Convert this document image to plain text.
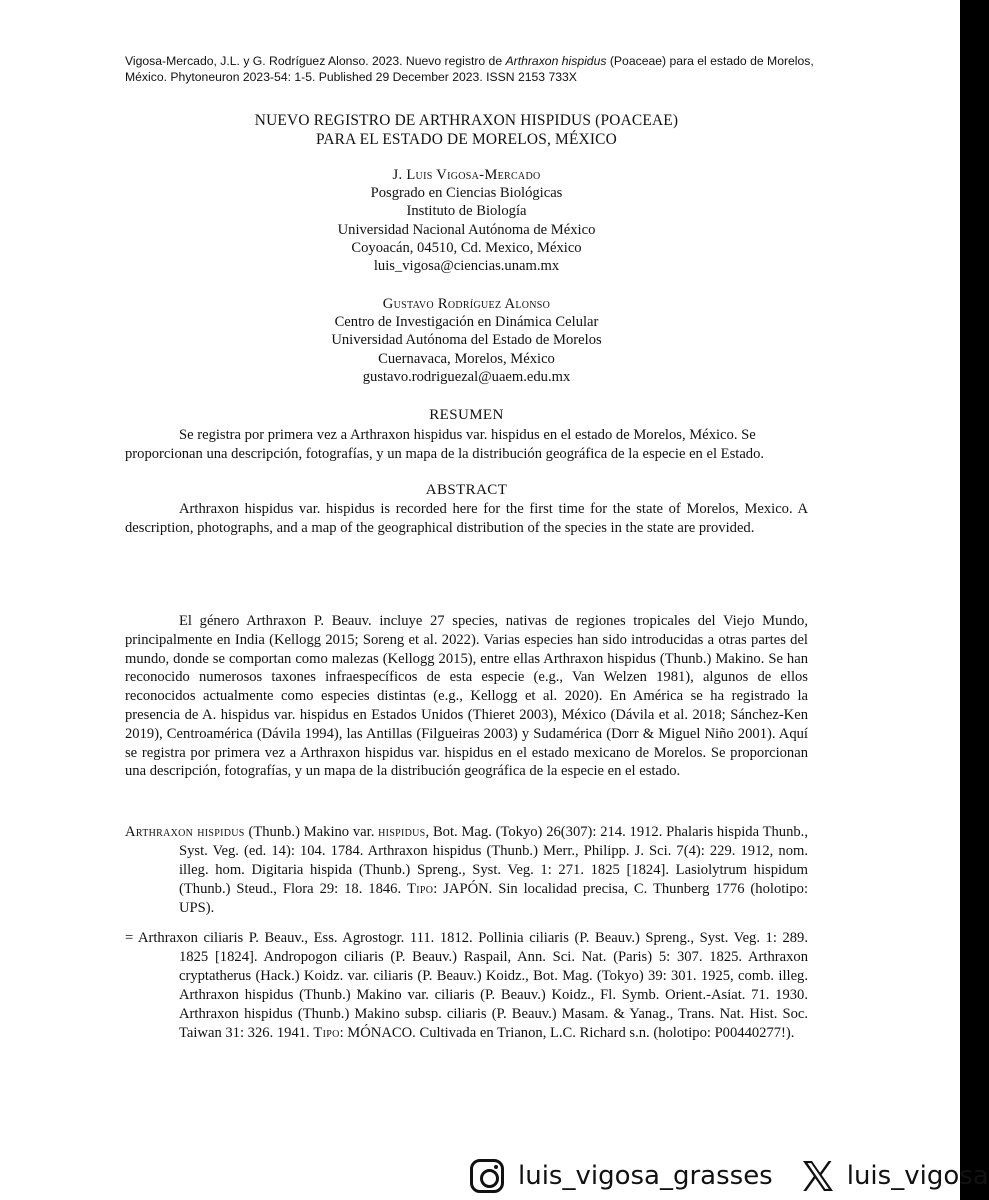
Vigosa-Mercado, J.L. y G. Rodríguez Alonso. 2023. Nuevo registro de Arthraxon hispidus (Poaceae) para el estado de Morelos, México. Phytoneuron 2023-54: 1-5. Published 29 December 2023. ISSN 2153 733X
NUEVO REGISTRO DE ARTHRAXON HISPIDUS (POACEAE)
PARA EL ESTADO DE MORELOS, MÉXICO
J. Luis Vigosa-Mercado
Posgrado en Ciencias Biológicas
Instituto de Biología
Universidad Nacional Autónoma de México
Coyoacán, 04510, Cd. Mexico, México
luis_vigosa@ciencias.unam.mx
Gustavo Rodríguez Alonso
Centro de Investigación en Dinámica Celular
Universidad Autónoma del Estado de Morelos
Cuernavaca, Morelos, México
gustavo.rodriguezal@uaem.edu.mx
RESUMEN
Se registra por primera vez a Arthraxon hispidus var. hispidus en el estado de Morelos, México. Se proporcionan una descripción, fotografías, y un mapa de la distribución geográfica de la especie en el Estado.
ABSTRACT
Arthraxon hispidus var. hispidus is recorded here for the first time for the state of Morelos, Mexico. A description, photographs, and a map of the geographical distribution of the species in the state are provided.
El género Arthraxon P. Beauv. incluye 27 species, nativas de regiones tropicales del Viejo Mundo, principalmente en India (Kellogg 2015; Soreng et al. 2022). Varias especies han sido introducidas a otras partes del mundo, donde se comportan como malezas (Kellogg 2015), entre ellas Arthraxon hispidus (Thunb.) Makino. Se han reconocido numerosos taxones infraespecíficos de esta especie (e.g., Van Welzen 1981), algunos de ellos reconocidos actualmente como especies distintas (e.g., Kellogg et al. 2020). En América se ha registrado la presencia de A. hispidus var. hispidus en Estados Unidos (Thieret 2003), México (Dávila et al. 2018; Sánchez-Ken 2019), Centroamérica (Dávila 1994), las Antillas (Filgueiras 2003) y Sudamérica (Dorr & Miguel Niño 2001). Aquí se registra por primera vez a Arthraxon hispidus var. hispidus en el estado mexicano de Morelos. Se proporcionan una descripción, fotografías, y un mapa de la distribución geográfica de la especie en el estado.
Arthraxon hispidus (Thunb.) Makino var. hispidus, Bot. Mag. (Tokyo) 26(307): 214. 1912. Phalaris hispida Thunb., Syst. Veg. (ed. 14): 104. 1784. Arthraxon hispidus (Thunb.) Merr., Philipp. J. Sci. 7(4): 229. 1912, nom. illeg. hom. Digitaria hispida (Thunb.) Spreng., Syst. Veg. 1: 271. 1825 [1824]. Lasiolytrum hispidum (Thunb.) Steud., Flora 29: 18. 1846. Tipo: JAPÓN. Sin localidad precisa, C. Thunberg 1776 (holotipo: UPS).
= Arthraxon ciliaris P. Beauv., Ess. Agrostogr. 111. 1812. Pollinia ciliaris (P. Beauv.) Spreng., Syst. Veg. 1: 289. 1825 [1824]. Andropogon ciliaris (P. Beauv.) Raspail, Ann. Sci. Nat. (Paris) 5: 307. 1825. Arthraxon cryptatherus (Hack.) Koidz. var. ciliaris (P. Beauv.) Koidz., Bot. Mag. (Tokyo) 39: 301. 1925, comb. illeg. Arthraxon hispidus (Thunb.) Makino var. ciliaris (P. Beauv.) Koidz., Fl. Symb. Orient.-Asiat. 71. 1930. Arthraxon hispidus (Thunb.) Makino subsp. ciliaris (P. Beauv.) Masam. & Yanag., Trans. Nat. Hist. Soc. Taiwan 31: 326. 1941. Tipo: MÓNACO. Cultivada en Trianon, L.C. Richard s.n. (holotipo: P00440277!).
luis_vigosa_grasses	luis_vigosa
